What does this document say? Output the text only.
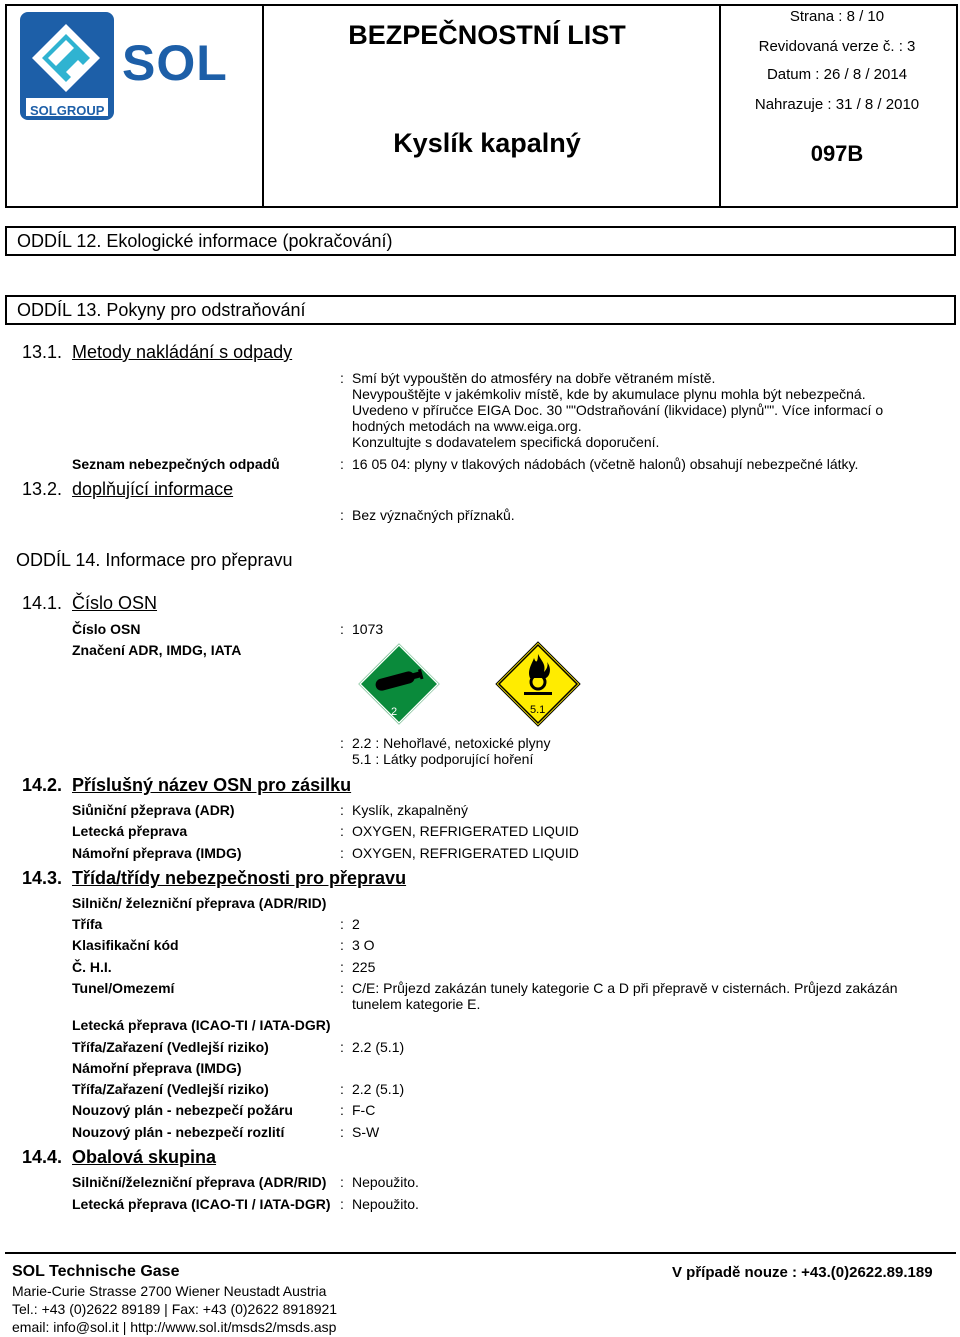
SOL
SOLGROUP
BEZPEČNOSTNÍ LIST
Kyslík kapalný
Strana : 8 / 10
Revidovaná verze č. : 3
Datum : 26 / 8 / 2014
Nahrazuje : 31 / 8 / 2010
097B
ODDÍL 12. Ekologické informace (pokračování)
ODDÍL 13. Pokyny pro odstraňování
13.1. Metody nakládání s odpady
: Smí být vypouštěn do atmosféry na dobře větraném místě.
Nevypouštějte v jakémkoliv místě, kde by akumulace plynu mohla být nebezpečná.
Uvedeno v příručce EIGA Doc. 30 ""Odstraňování (likvidace) plynů"". Více informací o
hodných metodách na www.eiga.org.
Konzultujte s dodavatelem specifická doporučení.
Seznam nebezpečných odpadů	: 16 05 04: plyny v tlakových nádobách (včetně halonů) obsahují nebezpečné látky.
13.2. doplňující informace
: Bez význačných příznaků.
ODDÍL 14. Informace pro přepravu
14.1. Číslo OSN
Číslo OSN	: 1073
Značení ADR, IMDG, IATA
2	5.1
: 2.2 : Nehořlavé, netoxické plyny
5.1 : Látky podporující hoření
14.2. Příslušný název OSN pro zásilku
Siůniční pžeprava (ADR)	: Kyslík, zkapalněný
Letecká přeprava	: OXYGEN, REFRIGERATED LIQUID
Námořní přeprava (IMDG)	: OXYGEN, REFRIGERATED LIQUID
14.3. Třída/třídy nebezpečnosti pro přepravu
Silničn/ železniční přeprava (ADR/RID)
Třífa	: 2
Klasifikační kód	: 3 O
Č. H.I.	: 225
Tunel/Omezemí	: C/E: Průjezd zakázán tunely kategorie C a D při přepravě v cisternách. Průjezd zakázán
tunelem kategorie E.
Letecká přeprava (ICAO-TI / IATA-DGR)
Třífa/Zařazení (Vedlejší riziko)	: 2.2 (5.1)
Námořní přeprava (IMDG)
Třífa/Zařazení (Vedlejší riziko)	: 2.2 (5.1)
Nouzový plán - nebezpečí požáru	: F-C
Nouzový plán - nebezpečí rozlití	: S-W
14.4. Obalová skupina
Silniční/železniční přeprava (ADR/RID) : Nepoužito.
Letecká přeprava (ICAO-TI / IATA-DGR) : Nepoužito.
SOL Technische Gase	V případě nouze : +43.(0)2622.89.189
Marie-Curie Strasse 2700 Wiener Neustadt Austria
Tel.: +43 (0)2622 89189 | Fax: +43 (0)2622 8918921
email: info@sol.it | http://www.sol.it/msds2/msds.asp
